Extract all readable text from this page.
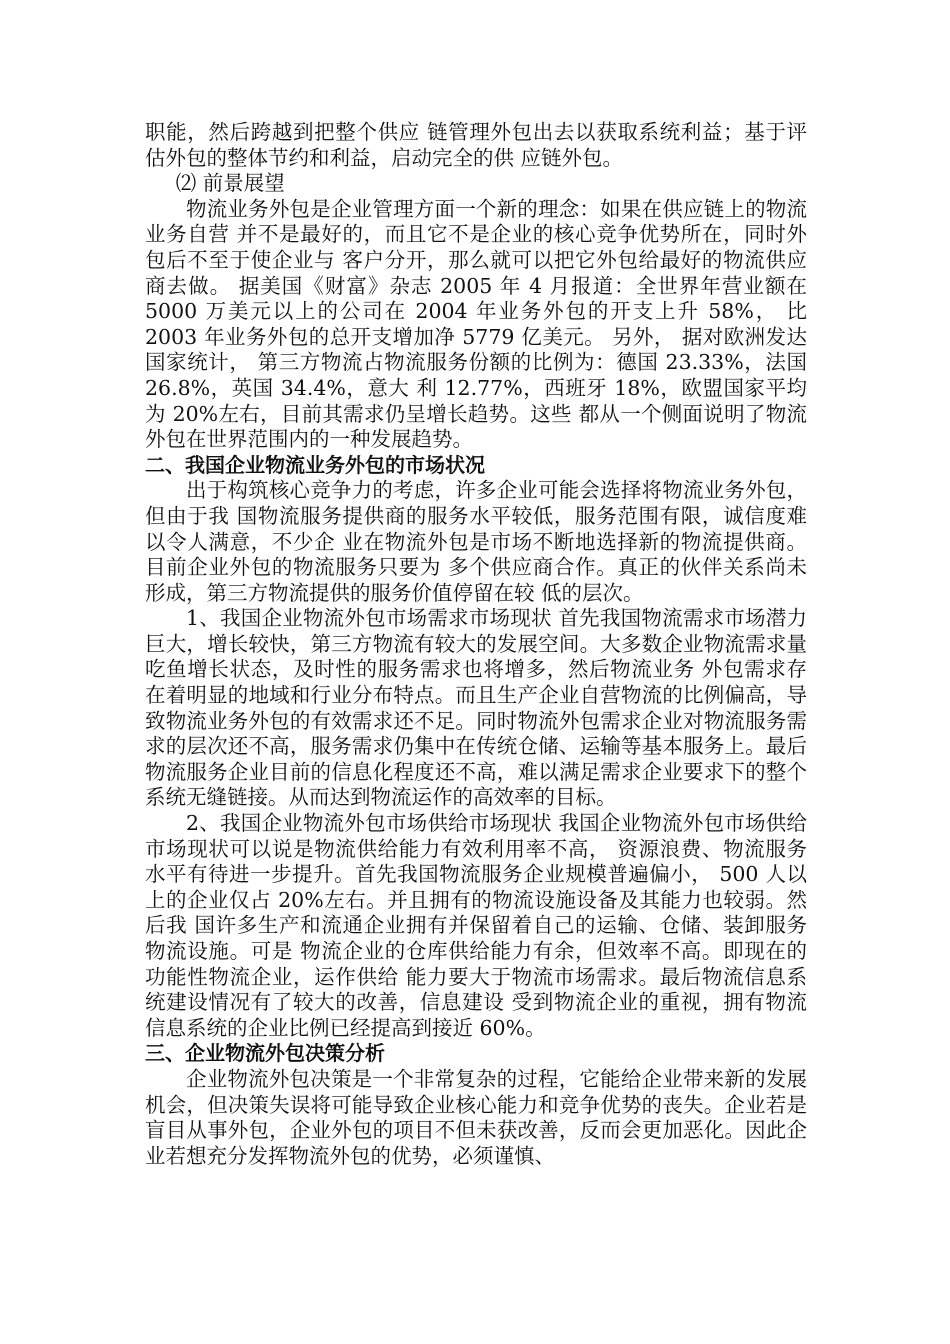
职能，然后跨越到把整个供应 链管理外包出去以获取系统利益；基于评估外包的整体节约和利益，启动完全的供 应链外包。

⑵ 前景展望

物流业务外包是企业管理方面一个新的理念：如果在供应链上的物流业务自营 并不是最好的，而且它不是企业的核心竞争优势所在，同时外包后不至于使企业与 客户分开，那么就可以把它外包给最好的物流供应商去做。 据美国《财富》杂志 2005 年 4 月报道：全世界年营业额在 5000 万美元以上的公司在 2004 年业务外包的开支上升 58%， 比 2003 年业务外包的总开支增加净 5779 亿美元。 另外， 据对欧洲发达国家统计， 第三方物流占物流服务份额的比例为：德国 23.33%，法国 26.8%，英国 34.4%，意大 利 12.77%，西班牙 18%，欧盟国家平均为 20%左右，目前其需求仍呈增长趋势。这些 都从一个侧面说明了物流外包在世界范围内的一种发展趋势。

二、我国企业物流业务外包的市场状况

出于构筑核心竞争力的考虑，许多企业可能会选择将物流业务外包，但由于我 国物流服务提供商的服务水平较低，服务范围有限，诚信度难以令人满意，不少企 业在物流外包是市场不断地选择新的物流提供商。目前企业外包的物流服务只要为 多个供应商合作。真正的伙伴关系尚未形成，第三方物流提供的服务价值停留在较 低的层次。

1、我国企业物流外包市场需求市场现状 首先我国物流需求市场潜力巨大，增长较快，第三方物流有较大的发展空间。大多数企业物流需求量吃鱼增长状态，及时性的服务需求也将增多，然后物流业务 外包需求存在着明显的地域和行业分布特点。而且生产企业自营物流的比例偏高，导致物流业务外包的有效需求还不足。同时物流外包需求企业对物流服务需求的层次还不高，服务需求仍集中在传统仓储、运输等基本服务上。最后物流服务企业目前的信息化程度还不高，难以满足需求企业要求下的整个系统无缝链接。从而达到物流运作的高效率的目标。

2、我国企业物流外包市场供给市场现状 我国企业物流外包市场供给市场现状可以说是物流供给能力有效利用率不高， 资源浪费、物流服务水平有待进一步提升。首先我国物流服务企业规模普遍偏小， 500 人以上的企业仅占 20%左右。并且拥有的物流设施设备及其能力也较弱。然后我 国许多生产和流通企业拥有并保留着自己的运输、仓储、装卸服务物流设施。可是 物流企业的仓库供给能力有余，但效率不高。即现在的功能性物流企业，运作供给 能力要大于物流市场需求。最后物流信息系统建设情况有了较大的改善，信息建设 受到物流企业的重视，拥有物流信息系统的企业比例已经提高到接近 60%。

三、企业物流外包决策分析

企业物流外包决策是一个非常复杂的过程，它能给企业带来新的发展机会，但决策失误将可能导致企业核心能力和竞争优势的丧失。企业若是盲目从事外包，企业外包的项目不但未获改善，反而会更加恶化。因此企业若想充分发挥物流外包的优势，必须谨慎、
